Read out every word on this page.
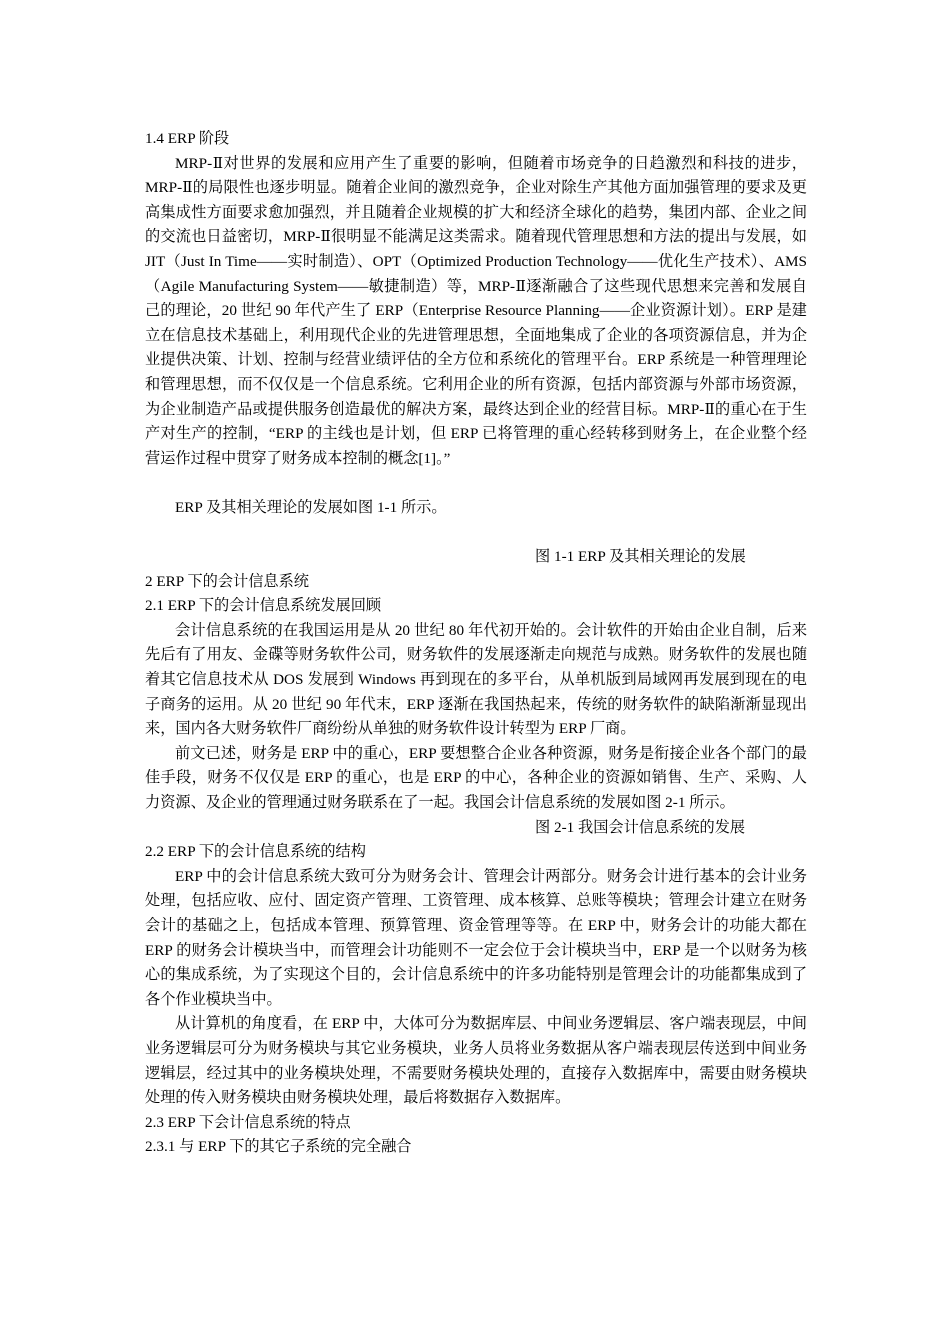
1.4 ERP 阶段

MRP-Ⅱ对世界的发展和应用产生了重要的影响，但随着市场竞争的日趋激烈和科技的进步，MRP-Ⅱ的局限性也逐步明显。随着企业间的激烈竞争，企业对除生产其他方面加强管理的要求及更高集成性方面要求愈加强烈，并且随着企业规模的扩大和经济全球化的趋势，集团内部、企业之间的交流也日益密切，MRP-Ⅱ很明显不能满足这类需求。随着现代管理思想和方法的提出与发展，如 JIT（Just In Time——实时制造）、OPT（Optimized Production Technology——优化生产技术）、AMS（Agile Manufacturing System——敏捷制造）等，MRP-Ⅱ逐渐融合了这些现代思想来完善和发展自己的理论，20 世纪 90 年代产生了 ERP（Enterprise Resource Planning——企业资源计划）。ERP 是建立在信息技术基础上，利用现代企业的先进管理思想，全面地集成了企业的各项资源信息，并为企业提供决策、计划、控制与经营业绩评估的全方位和系统化的管理平台。ERP 系统是一种管理理论和管理思想，而不仅仅是一个信息系统。它利用企业的所有资源，包括内部资源与外部市场资源，为企业制造产品或提供服务创造最优的解决方案，最终达到企业的经营目标。MRP-Ⅱ的重心在于生产对生产的控制，“ERP 的主线也是计划，但 ERP 已将管理的重心经转移到财务上，在企业整个经营运作过程中贯穿了财务成本控制的概念[1]。”

ERP 及其相关理论的发展如图 1-1 所示。

图 1-1 ERP 及其相关理论的发展

2 ERP 下的会计信息系统

2.1 ERP 下的会计信息系统发展回顾

会计信息系统的在我国运用是从 20 世纪 80 年代初开始的。会计软件的开始由企业自制，后来先后有了用友、金碟等财务软件公司，财务软件的发展逐渐走向规范与成熟。财务软件的发展也随着其它信息技术从 DOS 发展到 Windows 再到现在的多平台，从单机版到局域网再发展到现在的电子商务的运用。从 20 世纪 90 年代末，ERP 逐渐在我国热起来，传统的财务软件的缺陷渐渐显现出来，国内各大财务软件厂商纷纷从单独的财务软件设计转型为 ERP 厂商。

前文已述，财务是 ERP 中的重心，ERP 要想整合企业各种资源，财务是衔接企业各个部门的最佳手段，财务不仅仅是 ERP 的重心，也是 ERP 的中心，各种企业的资源如销售、生产、采购、人力资源、及企业的管理通过财务联系在了一起。我国会计信息系统的发展如图 2-1 所示。

图 2-1 我国会计信息系统的发展

2.2 ERP 下的会计信息系统的结构

ERP 中的会计信息系统大致可分为财务会计、管理会计两部分。财务会计进行基本的会计业务处理，包括应收、应付、固定资产管理、工资管理、成本核算、总账等模块；管理会计建立在财务会计的基础之上，包括成本管理、预算管理、资金管理等等。在 ERP 中，财务会计的功能大都在 ERP 的财务会计模块当中，而管理会计功能则不一定会位于会计模块当中，ERP 是一个以财务为核心的集成系统，为了实现这个目的，会计信息系统中的许多功能特别是管理会计的功能都集成到了各个作业模块当中。

从计算机的角度看，在 ERP 中，大体可分为数据库层、中间业务逻辑层、客户端表现层，中间业务逻辑层可分为财务模块与其它业务模块，业务人员将业务数据从客户端表现层传送到中间业务逻辑层，经过其中的业务模块处理，不需要财务模块处理的，直接存入数据库中，需要由财务模块处理的传入财务模块由财务模块处理，最后将数据存入数据库。

2.3 ERP 下会计信息系统的特点

2.3.1 与 ERP 下的其它子系统的完全融合
